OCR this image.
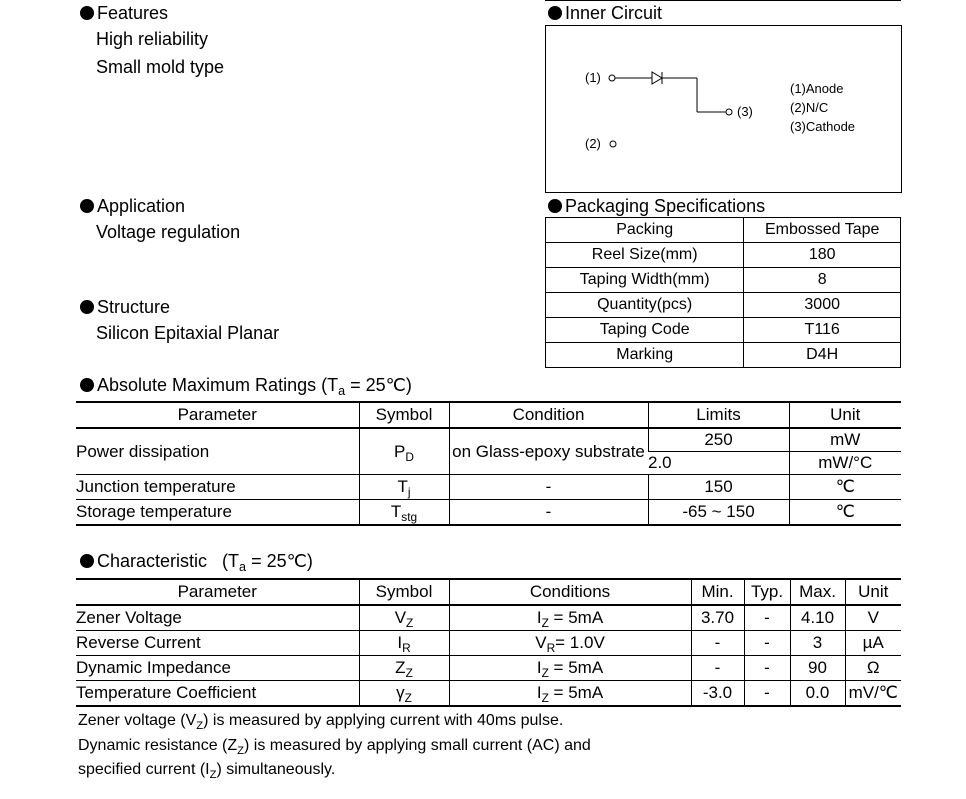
Features
High reliability
Small mold type
Application
Voltage regulation
Structure
Silicon Epitaxial Planar
Inner Circuit
(1)
(3)
(2)
(1)Anode
(2)N/C
(3)Cathode
Packaging Specifications
Packing	Embossed Tape
Reel Size(mm)	180
Taping Width(mm)	8
Quantity(pcs)	3000
Taping Code	T116
Marking	D4H
Absolute Maximum Ratings ($T_a$ = 25℃)
Parameter	Symbol	Condition	Limits	Unit
Power dissipation	$P_D$	on Glass-epoxy substrate	250	mW
			2.0	mW/°C
Junction temperature	$T_j$	-	150	℃
Storage temperature	$T_{stg}$	-	-65 ~ 150	℃
Characteristic ($T_a$ = 25℃)
Parameter	Symbol	Conditions	Min.	Typ.	Max.	Unit
Zener Voltage	$V_Z$	$I_Z = 5mA$	3.70	-	4.10	V
Reverse Current	$I_R$	$V_R= 1.0V$	-	-	3	µA
Dynamic Impedance	$Z_Z$	$I_Z = 5mA$	-	-	90	Ω
Temperature Coefficient	$\gamma_Z$	$I_Z = 5mA$	-3.0	-	0.0	mV/℃
Zener voltage $(V_Z)$ is measured by applying current with 40ms pulse.
Dynamic resistance $(Z_Z)$ is measured by applying small current (AC) and
specified current $(I_Z)$ simultaneously.
